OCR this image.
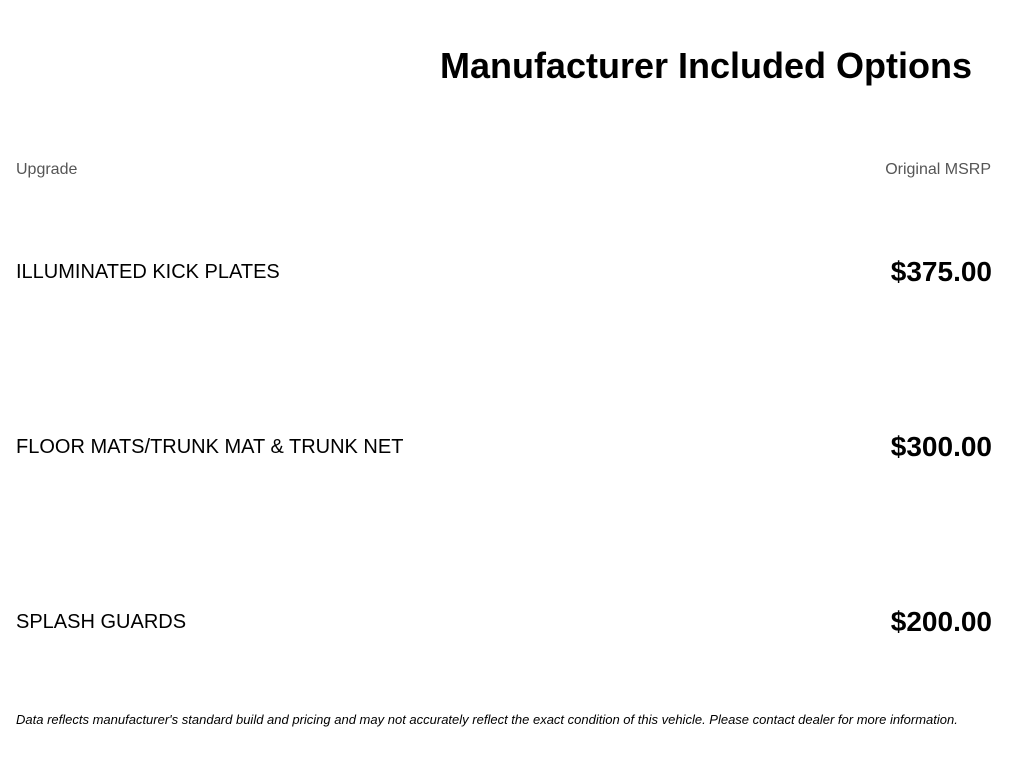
Manufacturer Included Options
Upgrade	Original MSRP
ILLUMINATED KICK PLATES	$375.00
FLOOR MATS/TRUNK MAT & TRUNK NET	$300.00
SPLASH GUARDS	$200.00
Data reflects manufacturer's standard build and pricing and may not accurately reflect the exact condition of this vehicle. Please contact dealer for more information.
